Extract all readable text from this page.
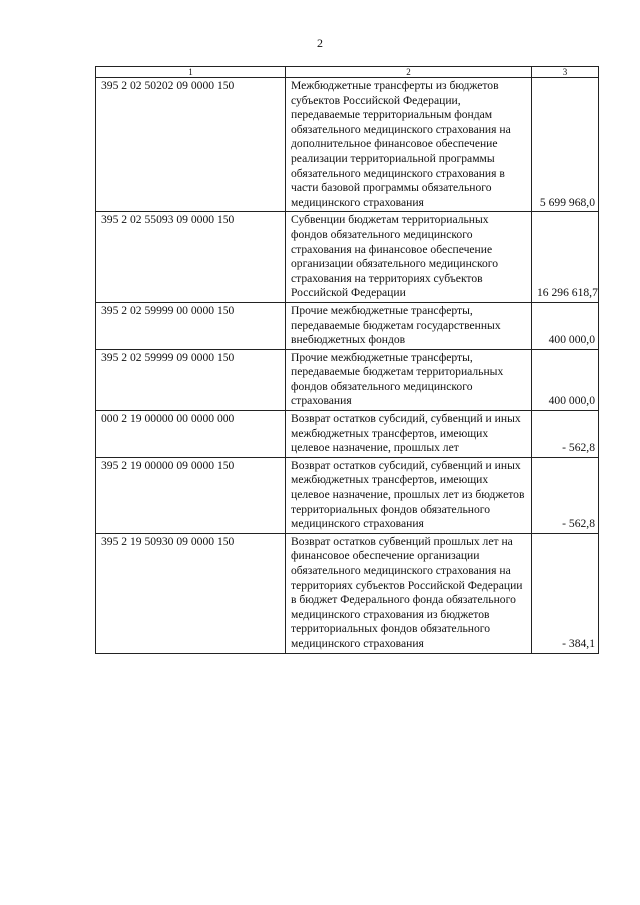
2
1	2	3
395 2 02 50202 09 0000 150	Межбюджетные трансферты из бюджетов субъектов Российской Федерации, передаваемые территориальным фондам обязательного медицинского страхования на дополнительное финансовое обеспечение реализации территориальной программы обязательного медицинского страхования в части базовой программы обязательного медицинского страхования	5 699 968,0
395 2 02 55093 09 0000 150	Субвенции бюджетам территориальных фондов обязательного медицинского страхования на финансовое обеспечение организации обязательного медицинского страхования на территориях субъектов Российской Федерации	16 296 618,7
395 2 02 59999 00 0000 150	Прочие межбюджетные трансферты, передаваемые бюджетам государственных внебюджетных фондов	400 000,0
395 2 02 59999 09 0000 150	Прочие межбюджетные трансферты, передаваемые бюджетам территориальных фондов обязательного медицинского страхования	400 000,0
000 2 19 00000 00 0000 000	Возврат остатков субсидий, субвенций и иных межбюджетных трансфертов, имеющих целевое назначение, прошлых лет	- 562,8
395 2 19 00000 09 0000 150	Возврат остатков субсидий, субвенций и иных межбюджетных трансфертов, имеющих целевое назначение, прошлых лет из бюджетов территориальных фондов обязательного медицинского страхования	- 562,8
395 2 19 50930 09 0000 150	Возврат остатков субвенций прошлых лет на финансовое обеспечение организации обязательного медицинского страхования на территориях субъектов Российской Федерации в бюджет Федерального фонда обязательного медицинского страхования из бюджетов территориальных фондов обязательного медицинского страхования	- 384,1
